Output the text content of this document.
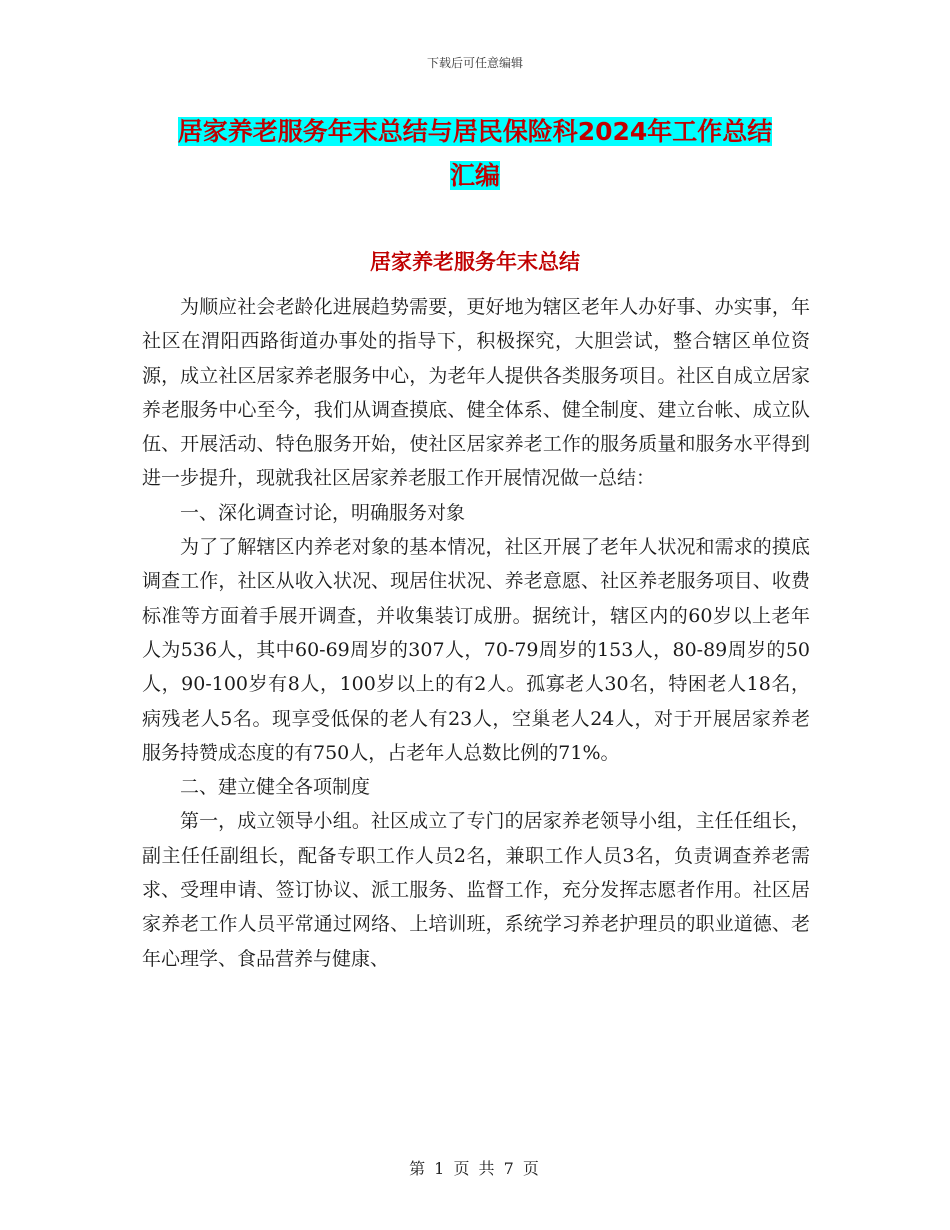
下载后可任意编辑
居家养老服务年末总结与居民保险科2024年工作总结
汇编
居家养老服务年末总结

为顺应社会老龄化进展趋势需要，更好地为辖区老年人办好事、办实事，年社区在渭阳西路街道办事处的指导下，积极探究，大胆尝试，整合辖区单位资源，成立社区居家养老服务中心，为老年人提供各类服务项目。社区自成立居家养老服务中心至今，我们从调查摸底、健全体系、健全制度、建立台帐、成立队伍、开展活动、特色服务开始，使社区居家养老工作的服务质量和服务水平得到进一步提升，现就我社区居家养老服工作开展情况做一总结：

一、深化调查讨论，明确服务对象

为了了解辖区内养老对象的基本情况，社区开展了老年人状况和需求的摸底调查工作，社区从收入状况、现居住状况、养老意愿、社区养老服务项目、收费标准等方面着手展开调查，并收集装订成册。据统计，辖区内的60岁以上老年人为536人，其中60-69周岁的307人，70-79周岁的153人，80-89周岁的50人，90-100岁有8人，100岁以上的有2人。孤寡老人30名，特困老人18名，病残老人5名。现享受低保的老人有23人，空巢老人24人，对于开展居家养老服务持赞成态度的有750人，占老年人总数比例的71%。

二、建立健全各项制度

第一，成立领导小组。社区成立了专门的居家养老领导小组，主任任组长，副主任任副组长，配备专职工作人员2名，兼职工作人员3名，负责调查养老需求、受理申请、签订协议、派工服务、监督工作，充分发挥志愿者作用。社区居家养老工作人员平常通过网络、上培训班，系统学习养老护理员的职业道德、老年心理学、食品营养与健康、

第 1 页 共 7 页
